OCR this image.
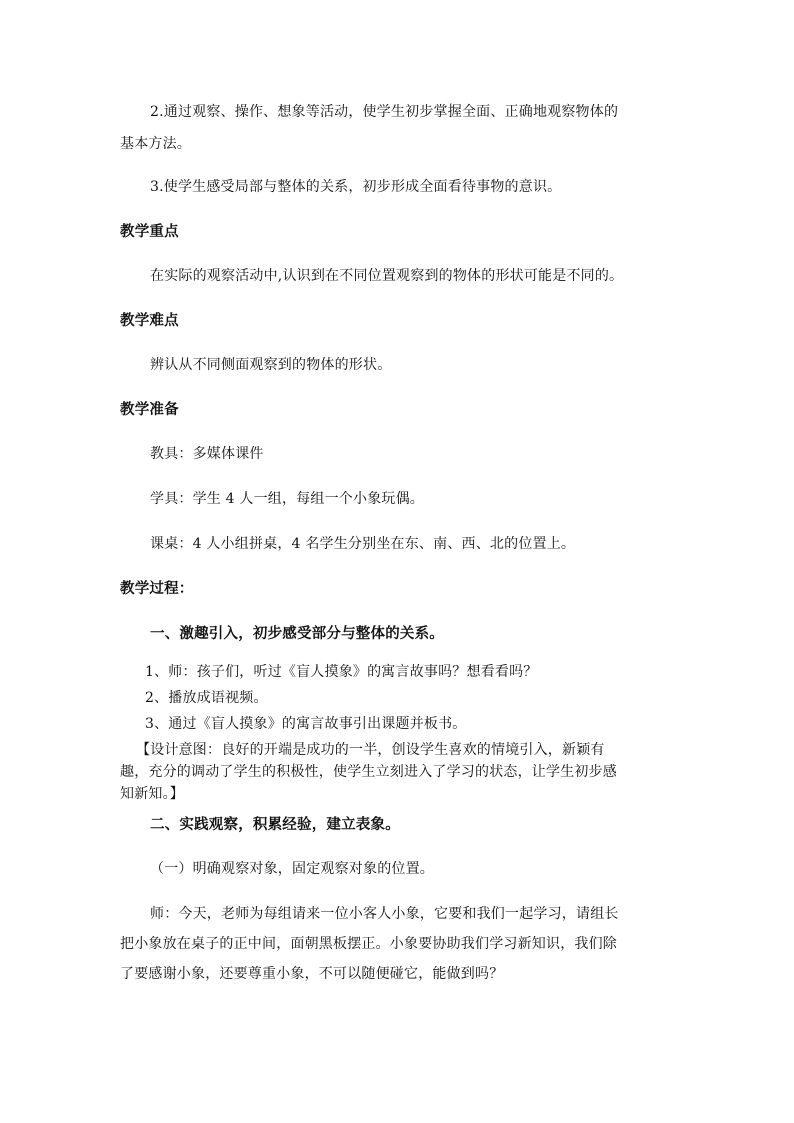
2.通过观察、操作、想象等活动，使学生初步掌握全面、正确地观察物体的
基本方法。
3.使学生感受局部与整体的关系，初步形成全面看待事物的意识。
教学重点
在实际的观察活动中,认识到在不同位置观察到的物体的形状可能是不同的。
教学难点
辨认从不同侧面观察到的物体的形状。
教学准备
教具：多媒体课件
学具：学生 4 人一组，每组一个小象玩偶。
课桌：4 人小组拼桌，4 名学生分别坐在东、南、西、北的位置上。
教学过程：
一、激趣引入，初步感受部分与整体的关系。
1、师：孩子们，听过《盲人摸象》的寓言故事吗？想看看吗？
2、播放成语视频。
3、通过《盲人摸象》的寓言故事引出课题并板书。
【设计意图：良好的开端是成功的一半，创设学生喜欢的情境引入，新颖有
趣，充分的调动了学生的积极性，使学生立刻进入了学习的状态，让学生初步感
知新知。】
二、实践观察，积累经验，建立表象。
（一）明确观察对象，固定观察对象的位置。
师：今天，老师为每组请来一位小客人小象，它要和我们一起学习，请组长
把小象放在桌子的正中间，面朝黑板摆正。小象要协助我们学习新知识，我们除
了要感谢小象，还要尊重小象，不可以随便碰它，能做到吗？
